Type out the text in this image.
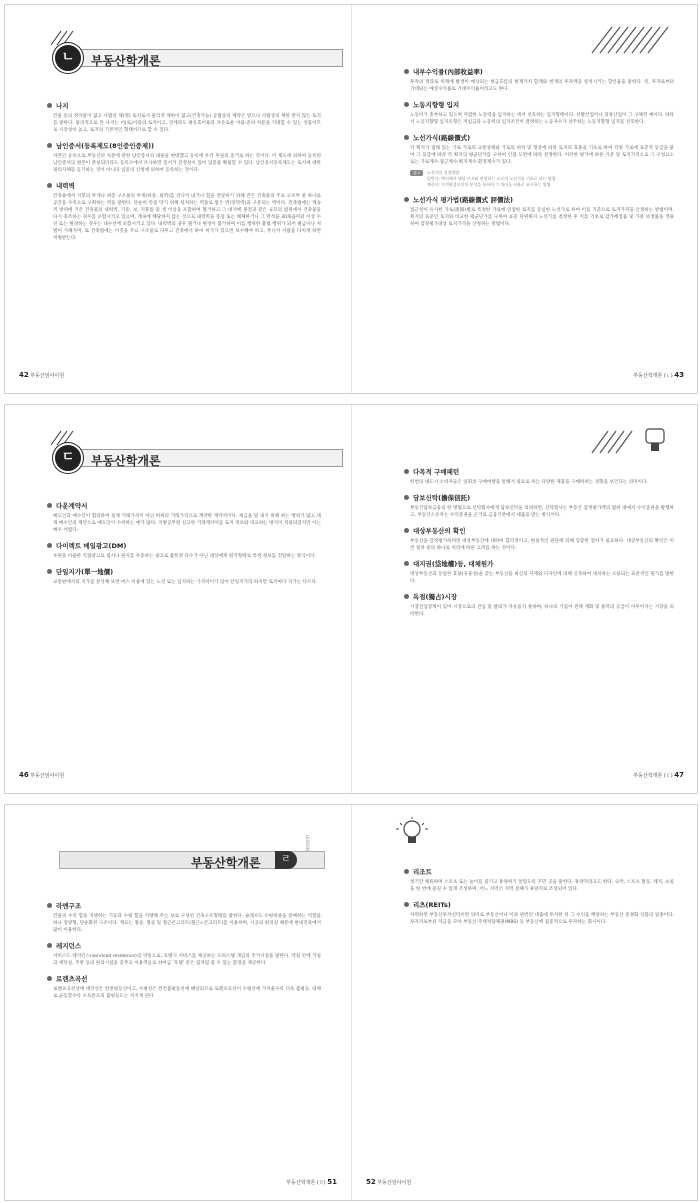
ㄴ	부동산학개론
나지
건물 등의 정착물이 없고 사법상 제(정) 토지로서 물리적 제한이 없고(건축가능) 공법상의 제약은 받으나 사법상의 제한 받지 않는 토지를 말한다. 물리적으로 본 나지는 이(토)이용의 토지이고, 연계라도 최유효이용과 자유로운 이용·준비·처분을 기대할 수 있는 상품이므로 시장성이 높고, 토지의 기본적인 형태이므로 할 수 있다.
남인증서(등록제도(8인증인증제))
자본인 등록으로 부동산의 처분에 관한 남인증서의 내용을 현대했고 등록에 우러 후일의 증거로 하는 것이다. 이 제도에 의하여 등록된 남인증서의 원본이 분실되더라도 등록소에서 조사하면 증서가 진정성이 있어 입증을 확립할 수 있다. 남인증서등록제도는 토지에 대한 권리자체를 등기하는 것이 아니라 입증의 신청에 의하여 등록하는 것이다.
내력벽
건축물에서 지붕의 무게나 위층 구조물의 무게(하중, 외벽)를 견디어 내거나 힘을 전달하기 위해 만든 건축물의 주요 구조부 중 하나로 공간을 수직으로 구획하는 벽을 말한다. 단순히 칸을 막기 위해 설치하는 벽돌로 쌓은 벽(장막벽)과 구분되는 벽이다. 건축법에는 계속적 방위에 기존 건축물의 내력벽, 기둥, 보, 지붕틀 중 셋 이상을 포함하여 철거하고 그 대지에 종전과 같은 규모의 범위에서 건축물을 다시 축조하는 경우를 포함시키고 있으며, 계속에 해당하지 않는 것으로 내력벽을 증설 또는 해체하거나 그 면적을 30제곱미터 이상 수선 또는 변경하는 경우는 대수선에 포함시키고 있다. 내력벽의 경우 철거나 변경이 불가하며 이를 행위한 불법 행위가 되어 벌금이나 처벌이 가해지며, 또 건축법에는 이것을 주요 구조물로 다루고 건축에서 하여 허가가 있으면 보수해야 하고, 무너져 사람을 다치게 하면 처벌받는다.
42 부동산임야이원
내부수익률(內部收益率)
투자의 결과로 미래에 발생이 예상되는 현금흐름의 현재가치 합계와 현재의 투자액을 일치시키는 할인율을 말한다. 즉, 투자로부터 기대되는 예상수익률로 기대수익률이라고도 한다.
노동지향형 입지
노동비가 총부하고 있으며 저렴한 노동력을 입지하는 데서 선호하는 입지형태이다. 선발산업이나 의류산업이 그 구체적 예이다. 따라서 노동지향형 입지유형은 저임금과 노동력의 입지조건이 결정하는 노동자수가 상주하는 노동지향형 입지를 선호한다.
노선가식(路線價式)
각 획지가 접해 있는 가로 가로의 교통상태와 가로의 위치 및 형상에 따라 토지의 효용을 기초로 하여 각종 가로에 표준적 등급을 붙여 그 등급에 따라 각 획지의 평균단가를 구하여 인접 도면에 따라 결정한다. 이러한 평가에 따른 기준 및 토지가격으로 그 구성요소로는 가로계수·접근계수·획지계수·환경계수가 있다.
참고	노선가의 설정방법
일반식: 택지에서 해당 토지와 연접하는 도로의 노선가를 기초로 하는 방법
채산식: 가격형성요인의 분석을 통하여 그 차이를 비율로 표시하는 방법
노선가식 평가법(路線價式 評價法)
접근성이 유사한 가로(街路)별로 특정한 가로에 연접한 토지를 동일한 노선가로 하여 이를 기준으로 토지가격을 산정하는 방법이며, 획지의 표준인 토지와 비교한 평균단가를 구하여 표준 단위획지 노선가를 결정한 후 이를 기초로 감가배점률 및 가중 보정률을 적용하여 감정평가대상 토지가격을 산정하는 방법이다.
부동산학개론 (ㄴ) 43
ㄷ	부동산학개론
다운계약서
매도인과 매수인이 협의하여 실제 거래가격이 아닌 허위의 거래가격으로 계약한 계약서이다. 세금을 덜 내기 위해 하는 행위가 많고 대개 매수인의 제안으로 매도인이 수락하는 예가 많다. 지방공무원 신고한 거래계약서를 토지 정보와 비교하는 방식이 적용되었지만 이는 매우 어렵다.
다이렉트 메일광고(DM)
우편을 이용한 직접광고로 엽서나 편지를 우송하는 광고로 불특정 다수가 아닌 대상에게 편지형태로 특정 정보를 전달하는 방식이다.
단일지가(單一地價)
교통편에서의 지가를 분석해 보면 버스 이용에 있는 노선 또는 입지하는 가격차이가 있어 단일지가라 하지만 토지마다 지가는 다르다.
46 부동산임야이원
다목적 구매패턴
한번의 대도시 소비자들은 일회의 구매여행을 통해서 필요로 하는 다양한 제품을 구매하려는 경향을 보인다는 의미이다.
담보신탁(擔保信託)
부동산담보금융의 한 방법으로 신탁회사에게 담보신탁을 의뢰하면, 신탁회사는 부동산 감정평가액의 범위 내에서 수익증권을 발행하고, 부동산소유자는 수익증권을 근거로 금융기관에서 대출을 받는 방식이다.
대상부동산의 확인
부동산을 감정평가하려면 대상부동산에 대하여 합리적이고, 현실적인 판단에 의해 입증한 절차가 필요하다. 대상부동산의 확인은 이런 절차 중의 하나로 처리에 따른 고려를 하는 것이다.
대지권(垈地權)등, 대체원가
대상부동산과 동일한 효용(유용성)을 갖는 부동산을 최신의 자재와 디자인에 의해 신축하여 대치하는 소용되는 표준적인 원가를 말한다.
독점(獨占)시장
시장진입장벽이 있어 시장으로의 진입 및 탈퇴가 자유롭지 못하며, 하나의 기업이 전체 재화 및 용역의 공급이 이루어지는 시장을 의미한다.
부동산학개론 (ㄷ) 47
부동산학개론	ㄹ
LESSON
라멘구조
건물의 수직 힘을 지탱하는 기둥과 수평 힘을 지탱해 주는 보로 구성된 건축구조형태를 말한다. 슬래브도 수평하중을 분배하는 역할을 하나 장방형, 단순화된 구조이다. 재료는 철골, 철골 및 철근콘크리트(철근+콘크리트)를 이용하며, 시공의 편의성 때문에 현대건축에서 많이 이용한다.
레지던스
서비스드 레지던스(serviced residence)의 약칭으로, 호텔식 서비스를 제공하는 오피스텔 개념의 주거시설을 말한다. 객실 안에 거실과 세탁실, 주방 등의 편의시설을 갖추고 이용객들로 하여금 '호텔' 같은 집처럼 쓸 수 있는 환경을 제공한다.
로렌츠곡선
로렌츠곡선상에 대각선은 완전평등선이고, 수평선은 완전불평등선에 해당되므로 로렌츠곡선이 수평선에 가까울수록 더욱 불평등, 대체로 균등할수록 소득분포의 불평등도는 커지게 된다.
부동산학개론 (ㄹ) 51
리조트
정기간 체류하며 스포츠 또는 놀이를 즐기고 휴양하기 알맞도록 꾸민 곳을 말한다. 휴양지라고도 한다. 숙박, 스포츠 활동, 레저, 쇼핑을 한 번에 즐길 수 있게 조성하며, 어느 지역은 지역 전체가 휴양지로 조성되어 있다.
리츠(REITs)
자력하면 부동산투자신탁이란 의미로 부동산이나 이와 관련된 대출에 투자한 뒤 그 수익을 배당하는 부동산 증권화 상품의 일종이다. 투자자로부터 자금을 모아 부동산·주택저당채권(MBS) 등 부동산에 집중적으로 투자하는 회사이다.
52 부동산임야이원
